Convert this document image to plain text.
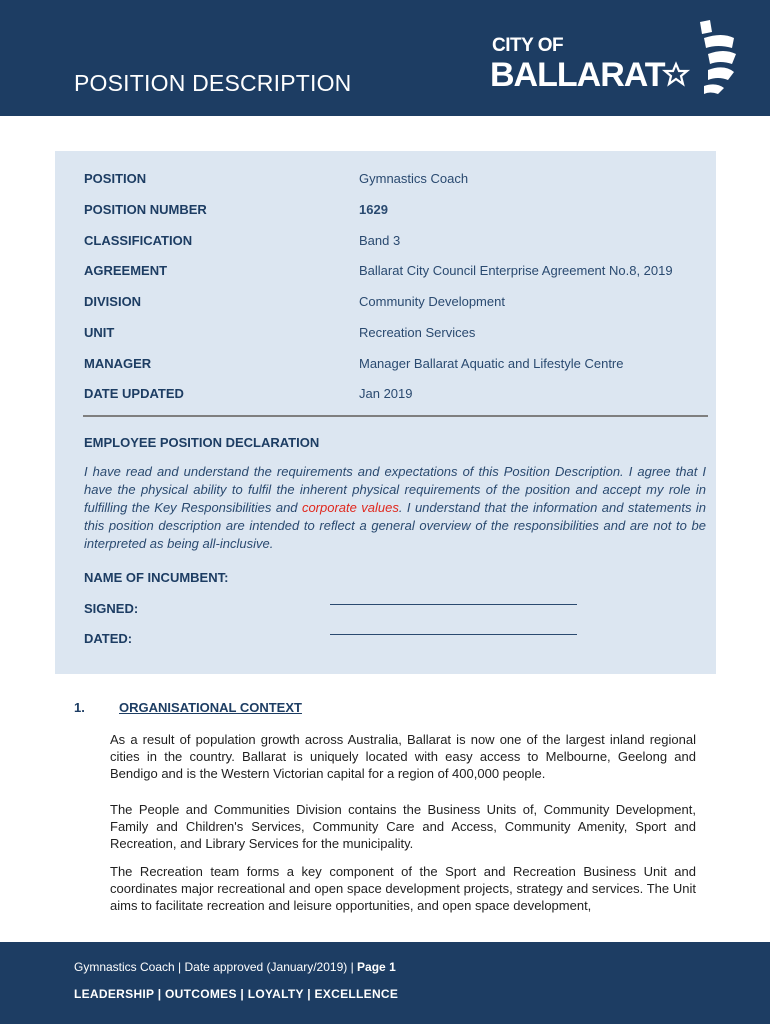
POSITION DESCRIPTION
CITY OF
BALLARAT
POSITION	Gymnastics Coach
POSITION NUMBER	1629
CLASSIFICATION	Band 3
AGREEMENT	Ballarat City Council Enterprise Agreement No.8, 2019
DIVISION	Community Development
UNIT	Recreation Services
MANAGER	Manager Ballarat Aquatic and Lifestyle Centre
DATE UPDATED	Jan 2019
EMPLOYEE POSITION DECLARATION

I have read and understand the requirements and expectations of this Position Description. I agree that I have the physical ability to fulfil the inherent physical requirements of the position and accept my role in fulfilling the Key Responsibilities and corporate values. I understand that the information and statements in this position description are intended to reflect a general overview of the responsibilities and are not to be interpreted as being all-inclusive.

NAME OF INCUMBENT:
SIGNED:
DATED:
1.	ORGANISATIONAL CONTEXT

As a result of population growth across Australia, Ballarat is now one of the largest inland regional cities in the country. Ballarat is uniquely located with easy access to Melbourne, Geelong and Bendigo and is the Western Victorian capital for a region of 400,000 people.

The People and Communities Division contains the Business Units of, Community Development, Family and Children's Services, Community Care and Access, Community Amenity, Sport and Recreation, and Library Services for the municipality.

The Recreation team forms a key component of the Sport and Recreation Business Unit and coordinates major recreational and open space development projects, strategy and services. The Unit aims to facilitate recreation and leisure opportunities, and open space development,

Gymnastics Coach | Date approved (January/2019) | Page 1
LEADERSHIP | OUTCOMES | LOYALTY | EXCELLENCE
